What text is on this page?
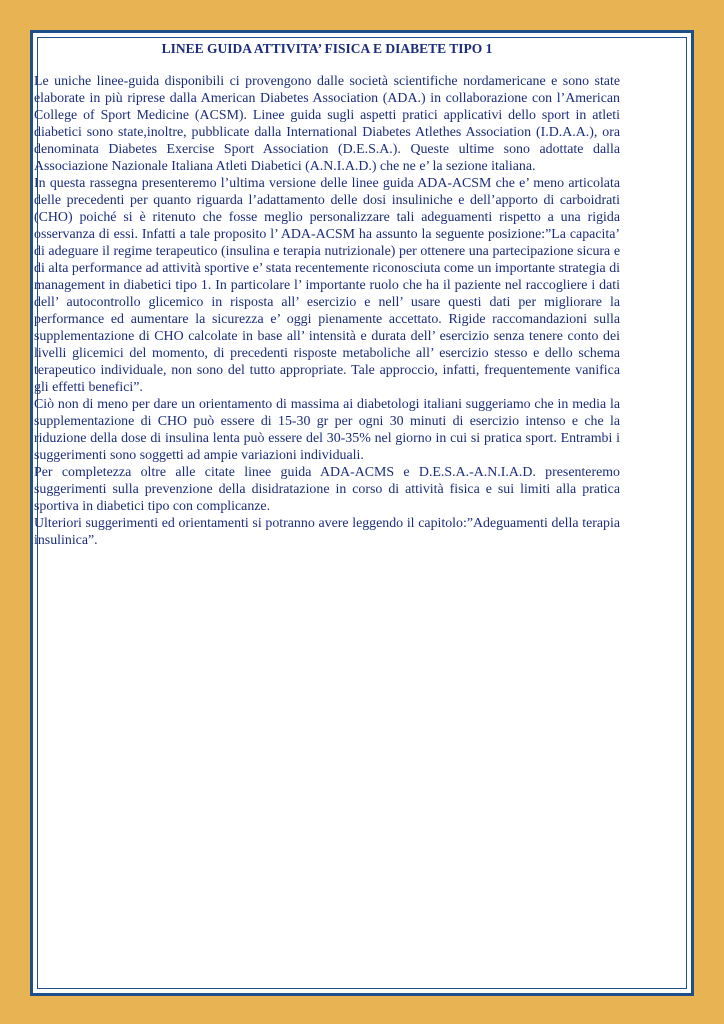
LINEE GUIDA ATTIVITA’ FISICA E DIABETE TIPO 1

Le uniche linee-guida disponibili ci provengono dalle società scientifiche nordamericane e sono state elaborate in più riprese dalla American Diabetes Association (ADA.) in collaborazione con l’American College of Sport Medicine (ACSM). Linee guida sugli aspetti pratici applicativi dello sport in atleti diabetici sono state,inoltre, pubblicate dalla International Diabetes Atlethes Association (I.D.A.A.), ora denominata Diabetes Exercise Sport Association (D.E.S.A.). Queste ultime sono adottate dalla Associazione Nazionale Italiana Atleti Diabetici (A.N.I.A.D.) che ne e’ la sezione italiana.

In questa rassegna presenteremo l’ultima versione delle linee guida ADA-ACSM che e’ meno articolata delle precedenti per quanto riguarda l’adattamento delle dosi insuliniche e dell’apporto di carboidrati (CHO) poiché si è ritenuto che fosse meglio personalizzare tali adeguamenti rispetto a una rigida osservanza di essi. Infatti a tale proposito l’ ADA-ACSM ha assunto la seguente posizione:”La capacita’ di adeguare il regime terapeutico (insulina e terapia nutrizionale) per ottenere una partecipazione sicura e di alta performance ad attività sportive e’ stata recentemente riconosciuta come un importante strategia di management in diabetici tipo 1. In particolare l’ importante ruolo che ha il paziente nel raccogliere i dati dell’ autocontrollo glicemico in risposta all’ esercizio e nell’ usare questi dati per migliorare la performance ed aumentare la sicurezza e’ oggi pienamente accettato. Rigide raccomandazioni sulla supplementazione di CHO calcolate in base all’ intensità e durata dell’ esercizio senza tenere conto dei livelli glicemici del momento, di precedenti risposte metaboliche all’ esercizio stesso e dello schema terapeutico individuale, non sono del tutto appropriate. Tale approccio, infatti, frequentemente vanifica gli effetti benefici”.

Ciò non di meno per dare un orientamento di massima ai diabetologi italiani suggeriamo che in media la supplementazione di CHO può essere di 15-30 gr per ogni 30 minuti di esercizio intenso e che la riduzione della dose di insulina lenta può essere del 30-35% nel giorno in cui si pratica sport. Entrambi i suggerimenti sono soggetti ad ampie variazioni individuali.

Per completezza oltre alle citate linee guida ADA-ACMS e D.E.S.A.-A.N.I.A.D. presenteremo suggerimenti sulla prevenzione della disidratazione in corso di attività fisica e sui limiti alla pratica sportiva in diabetici tipo con complicanze.

Ulteriori suggerimenti ed orientamenti si potranno avere leggendo il capitolo:”Adeguamenti della terapia insulinica”.
